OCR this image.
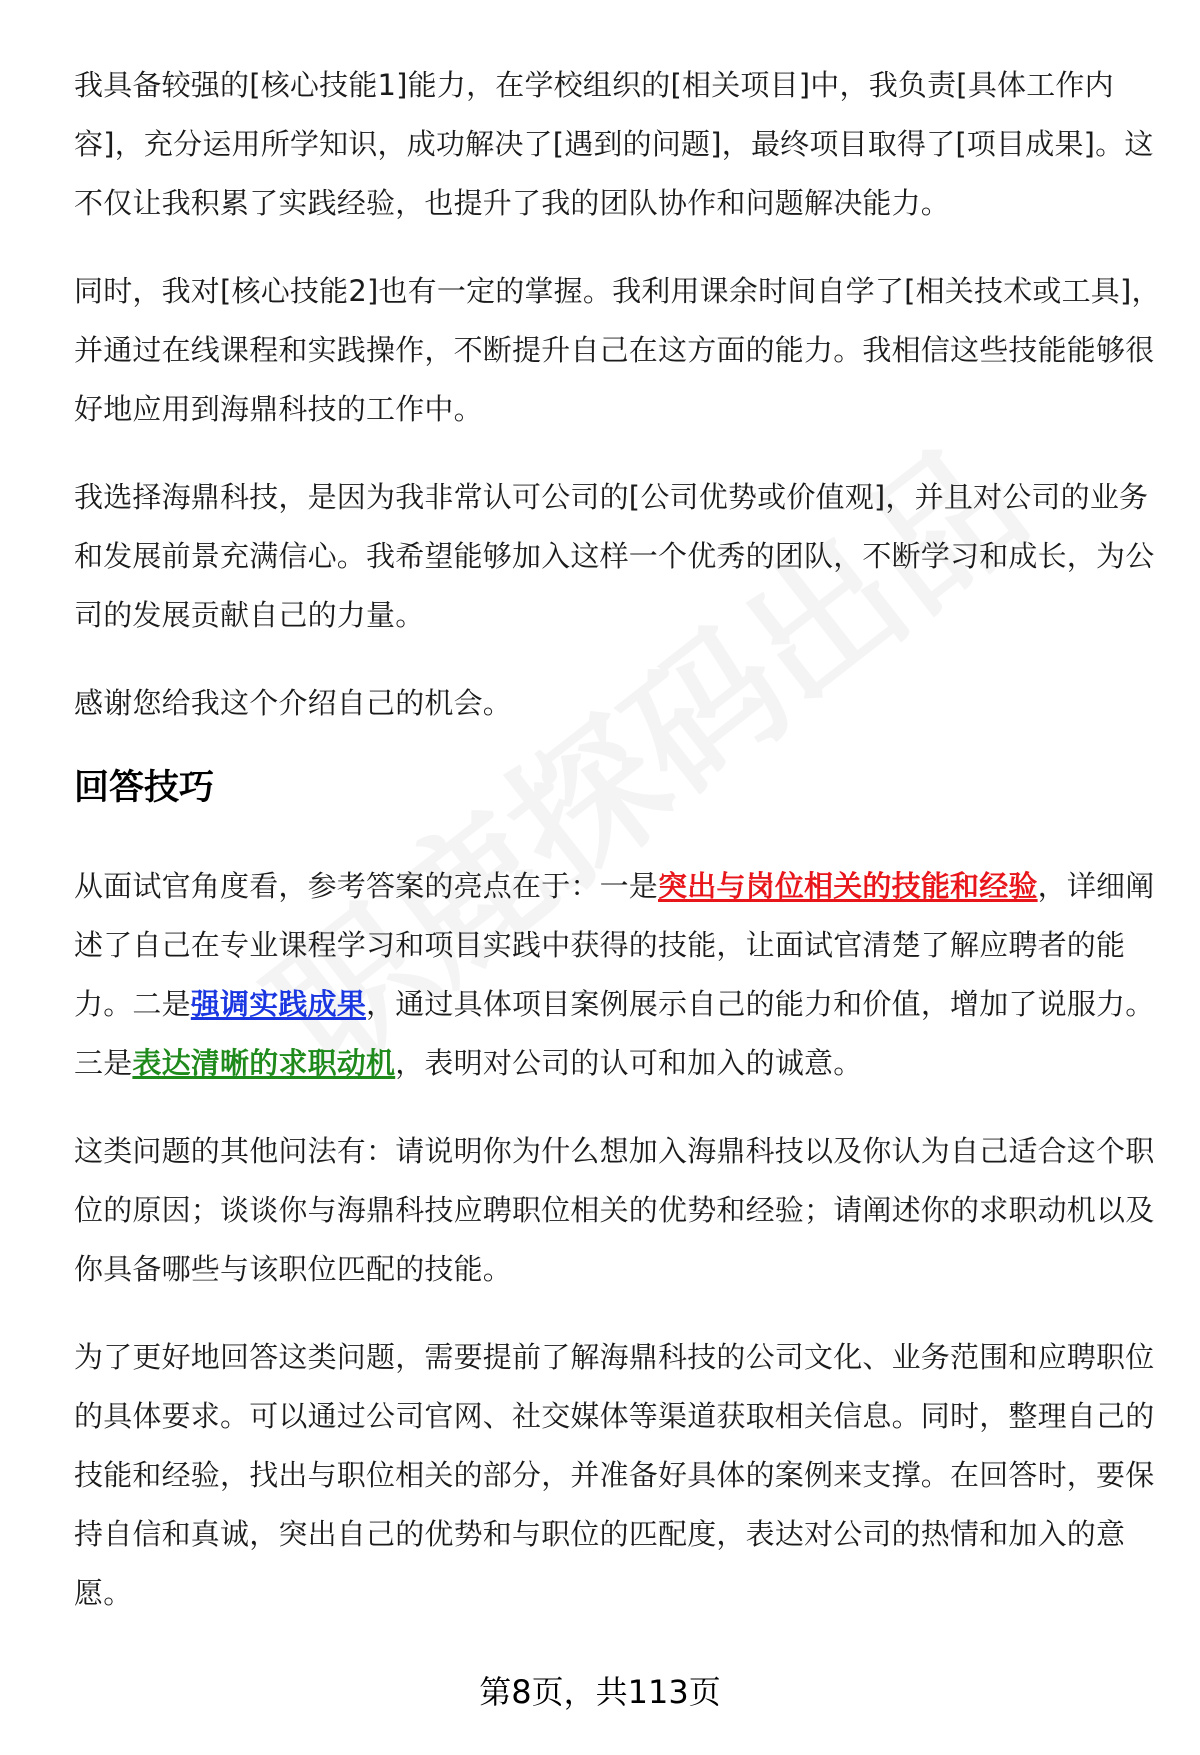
我具备较强的[核心技能1]能力，在学校组织的[相关项目]中，我负责[具体工作内容]，充分运用所学知识，成功解决了[遇到的问题]，最终项目取得了[项目成果]。这不仅让我积累了实践经验，也提升了我的团队协作和问题解决能力。

同时，我对[核心技能2]也有一定的掌握。我利用课余时间自学了[相关技术或工具]，并通过在线课程和实践操作，不断提升自己在这方面的能力。我相信这些技能能够很好地应用到海鼎科技的工作中。

我选择海鼎科技，是因为我非常认可公司的[公司优势或价值观]，并且对公司的业务和发展前景充满信心。我希望能够加入这样一个优秀的团队，不断学习和成长，为公司的发展贡献自己的力量。

感谢您给我这个介绍自己的机会。

回答技巧

从面试官角度看，参考答案的亮点在于：一是突出与岗位相关的技能和经验，详细阐述了自己在专业课程学习和项目实践中获得的技能，让面试官清楚了解应聘者的能力。二是强调实践成果，通过具体项目案例展示自己的能力和价值，增加了说服力。三是表达清晰的求职动机，表明对公司的认可和加入的诚意。

这类问题的其他问法有：请说明你为什么想加入海鼎科技以及你认为自己适合这个职位的原因；谈谈你与海鼎科技应聘职位相关的优势和经验；请阐述你的求职动机以及你具备哪些与该职位匹配的技能。

为了更好地回答这类问题，需要提前了解海鼎科技的公司文化、业务范围和应聘职位的具体要求。可以通过公司官网、社交媒体等渠道获取相关信息。同时，整理自己的技能和经验，找出与职位相关的部分，并准备好具体的案例来支撑。在回答时，要保持自信和真诚，突出自己的优势和与职位的匹配度，表达对公司的热情和加入的意愿。

第8页，共113页
